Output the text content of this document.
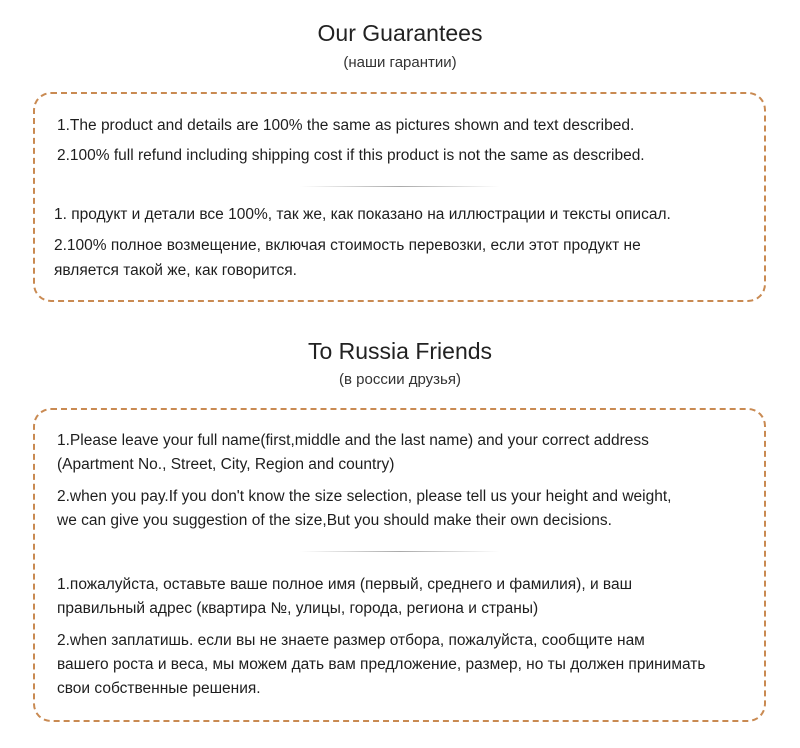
Our Guarantees
(наши гарантии)
1.The product and details are 100% the same as pictures shown and text described.
2.100% full refund including shipping cost if this product is not the same as described.
1. продукт и детали все 100%, так же, как показано на иллюстрации и тексты описал.
2.100% полное возмещение, включая стоимость перевозки, если этот продукт не
является такой же, как говорится.
To Russia Friends
(в россии друзья)
1.Please leave your full name(first,middle and the last name) and your correct address
(Apartment No., Street, City, Region and country)
2.when you pay.If you don't know the size selection, please tell us your height and weight,
we can give you suggestion of the size,But you should make their own decisions.
1.пожалуйста, оставьте ваше полное имя (первый, среднего и фамилия), и ваш
правильный адрес (квартира №, улицы, города, региона и страны)
2.when заплатишь. если вы не знаете размер отбора, пожалуйста, сообщите нам
вашего роста и веса, мы можем дать вам предложение, размер, но ты должен принимать
свои собственные решения.
